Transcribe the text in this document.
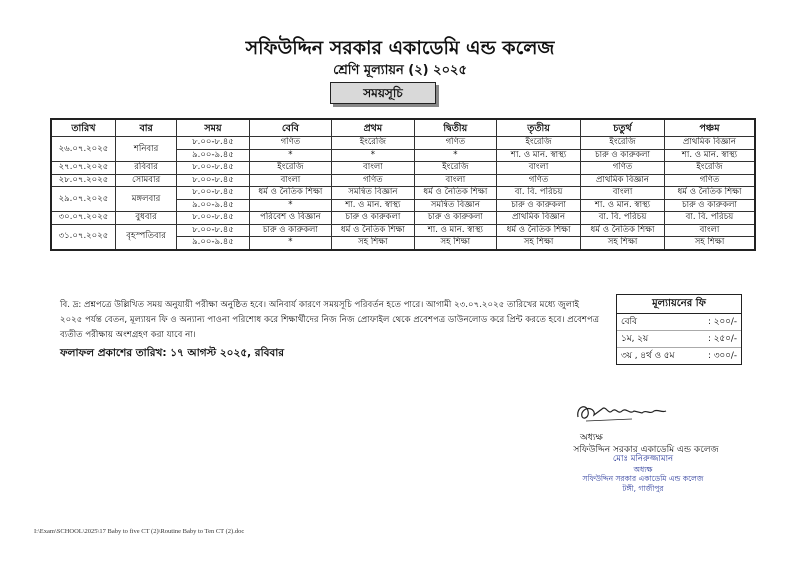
সফিউদ্দিন সরকার একাডেমি এন্ড কলেজ
শ্রেণি মূল্যায়ন (২) ২০২৫
সময়সূচি
তারিখ	বার	সময়	বেবি	প্রথম	দ্বিতীয়	তৃতীয়	চতুর্থ	পঞ্চম
২৬.০৭.২০২৫	শনিবার	৮.০০-৮.৪৫	গণিত	ইংরেজি	গণিত	ইংরেজি	ইংরেজি	প্রাথমিক বিজ্ঞান
		৯.০০-৯.৪৫	*	*	*	শা. ও মান. স্বাস্থ্য	চারু ও কারুকলা	শা. ও মান. স্বাস্থ্য
২৭.০৭.২০২৫	রবিবার	৮.০০-৮.৪৫	ইংরেজি	বাংলা	ইংরেজি	বাংলা	গণিত	ইংরেজি
২৮.০৭.২০২৫	সোমবার	৮.০০-৮.৪৫	বাংলা	গণিত	বাংলা	গণিত	প্রাথমিক বিজ্ঞান	গণিত
২৯.০৭.২০২৫	মঙ্গলবার	৮.০০-৮.৪৫	ধর্ম ও নৈতিক শিক্ষা	সমন্বিত বিজ্ঞান	ধর্ম ও নৈতিক শিক্ষা	বা. বি. পরিচয়	বাংলা	ধর্ম ও নৈতিক শিক্ষা
		৯.০০-৯.৪৫	*	শা. ও মান. স্বাস্থ্য	সমন্বিত বিজ্ঞান	চারু ও কারুকলা	শা. ও মান. স্বাস্থ্য	চারু ও কারুকলা
৩০.০৭.২০২৫	বুধবার	৮.০০-৮.৪৫	পরিবেশ ও বিজ্ঞান	চারু ও কারুকলা	চারু ও কারুকলা	প্রাথমিক বিজ্ঞান	বা. বি. পরিচয়	বা. বি. পরিচয়
৩১.০৭.২০২৫	বৃহস্পতিবার	৮.০০-৮.৪৫	চারু ও কারুকলা	ধর্ম ও নৈতিক শিক্ষা	শা. ও মান. স্বাস্থ্য	ধর্ম ও নৈতিক শিক্ষা	ধর্ম ও নৈতিক শিক্ষা	বাংলা
		৯.০০-৯.৪৫	*	সহ শিক্ষা	সহ শিক্ষা	সহ শিক্ষা	সহ শিক্ষা	সহ শিক্ষা
বি. দ্র: প্রশ্নপত্রে উল্লিখিত সময় অনুযায়ী পরীক্ষা অনুষ্ঠিত হবে। অনিবার্য কারণে সময়সূচি পরিবর্তন হতে পারে। আগামী ২৩.০৭.২০২৫ তারিখের মধ্যে জুলাই ২০২৫ পর্যন্ত বেতন, মূল্যায়ন ফি ও অন্যান্য পাওনা পরিশোধ করে শিক্ষার্থীদের নিজ নিজ প্রোফাইল থেকে প্রবেশপত্র ডাউনলোড করে প্রিন্ট করতে হবে। প্রবেশপত্র ব্যতীত পরীক্ষায় অংশগ্রহণ করা যাবে না।
ফলাফল প্রকাশের তারিখ: ১৭ আগস্ট ২০২৫, রবিবার
মূল্যায়নের ফি
বেবি	: ২০০/-
১ম, ২য়	: ২৫০/-
৩য় , ৪র্থ ও ৫ম	: ৩০০/-
অধ্যক্ষ
সফিউদ্দিন সরকার একাডেমি এন্ড কলেজ
মোঃ মনিরুজ্জামান
অধ্যক্ষ
সফিউদ্দিন সরকার একাডেমি এন্ড কলেজ
টঙ্গী, গাজীপুর
I:\Exam\SCHOOL\2025\17 Baby to five CT (2)\Routine Baby to Ten CT (2).doc
